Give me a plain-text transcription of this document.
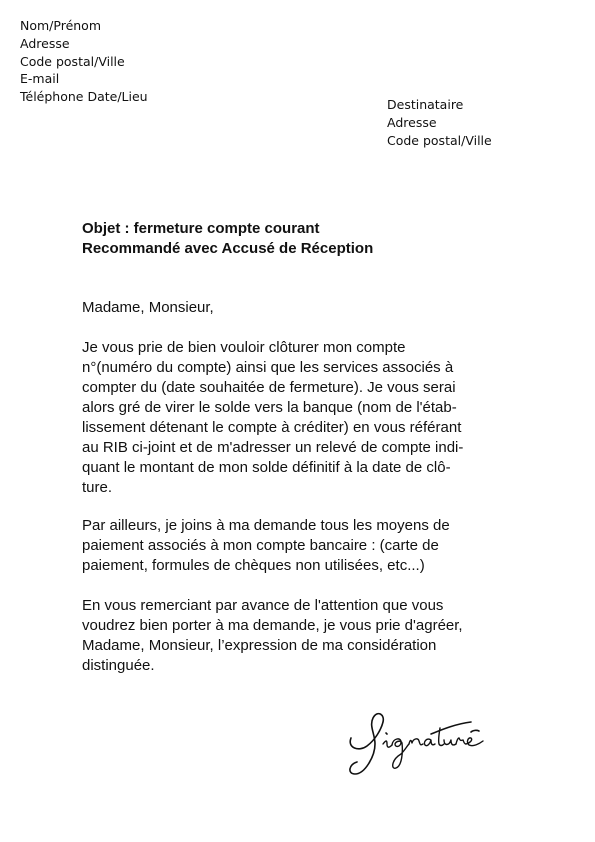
Nom/Prénom
Adresse
Code postal/Ville
E-mail
Téléphone Date/Lieu
Destinataire
Adresse
Code postal/Ville
Objet : fermeture compte courant
Recommandé avec Accusé de Réception
Madame, Monsieur,
Je vous prie de bien vouloir clôturer mon compte
n°(numéro du compte) ainsi que les services associés à
compter du (date souhaitée de fermeture). Je vous serai
alors gré de virer le solde vers la banque (nom de l'étab-
lissement détenant le compte à créditer) en vous référant
au RIB ci-joint et de m'adresser un relevé de compte indi-
quant le montant de mon solde définitif à la date de clô-
ture.
Par ailleurs, je joins à ma demande tous les moyens de
paiement associés à mon compte bancaire : (carte de
paiement, formules de chèques non utilisées, etc...)
En vous remerciant par avance de l'attention que vous
voudrez bien porter à ma demande, je vous prie d'agréer,
Madame, Monsieur, l’expression de ma considération
distinguée.
